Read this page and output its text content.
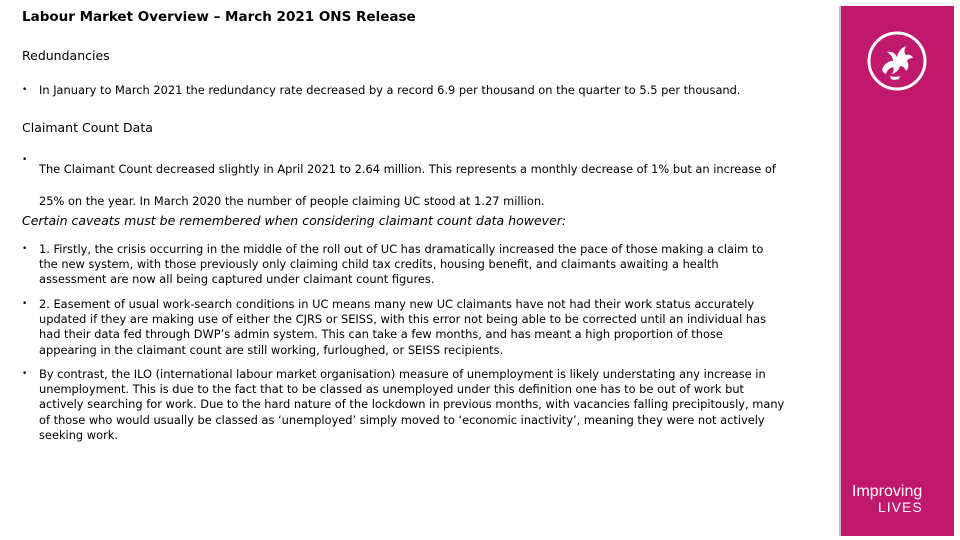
Labour Market Overview – March 2021 ONS Release
Redundancies
• In January to March 2021 the redundancy rate decreased by a record 6.9 per thousand on the quarter to 5.5 per thousand.
Claimant Count Data
•
The Claimant Count decreased slightly in April 2021 to 2.64 million. This represents a monthly decrease of 1% but an increase of 25% on the year. In March 2020 the number of people claiming UC stood at 1.27 million.
Certain caveats must be remembered when considering claimant count data however:
• 1. Firstly, the crisis occurring in the middle of the roll out of UC has dramatically increased the pace of those making a claim to the new system, with those previously only claiming child tax credits, housing benefit, and claimants awaiting a health assessment are now all being captured under claimant count figures.
• 2. Easement of usual work-search conditions in UC means many new UC claimants have not had their work status accurately updated if they are making use of either the CJRS or SEISS, with this error not being able to be corrected until an individual has had their data fed through DWP’s admin system. This can take a few months, and has meant a high proportion of those appearing in the claimant count are still working, furloughed, or SEISS recipients.
• By contrast, the ILO (international labour market organisation) measure of unemployment is likely understating any increase in unemployment. This is due to the fact that to be classed as unemployed under this definition one has to be out of work but actively searching for work. Due to the hard nature of the lockdown in previous months, with vacancies falling precipitously, many of those who would usually be classed as ‘unemployed’ simply moved to ‘economic inactivity’, meaning they were not actively seeking work.
Improving
LIVES
